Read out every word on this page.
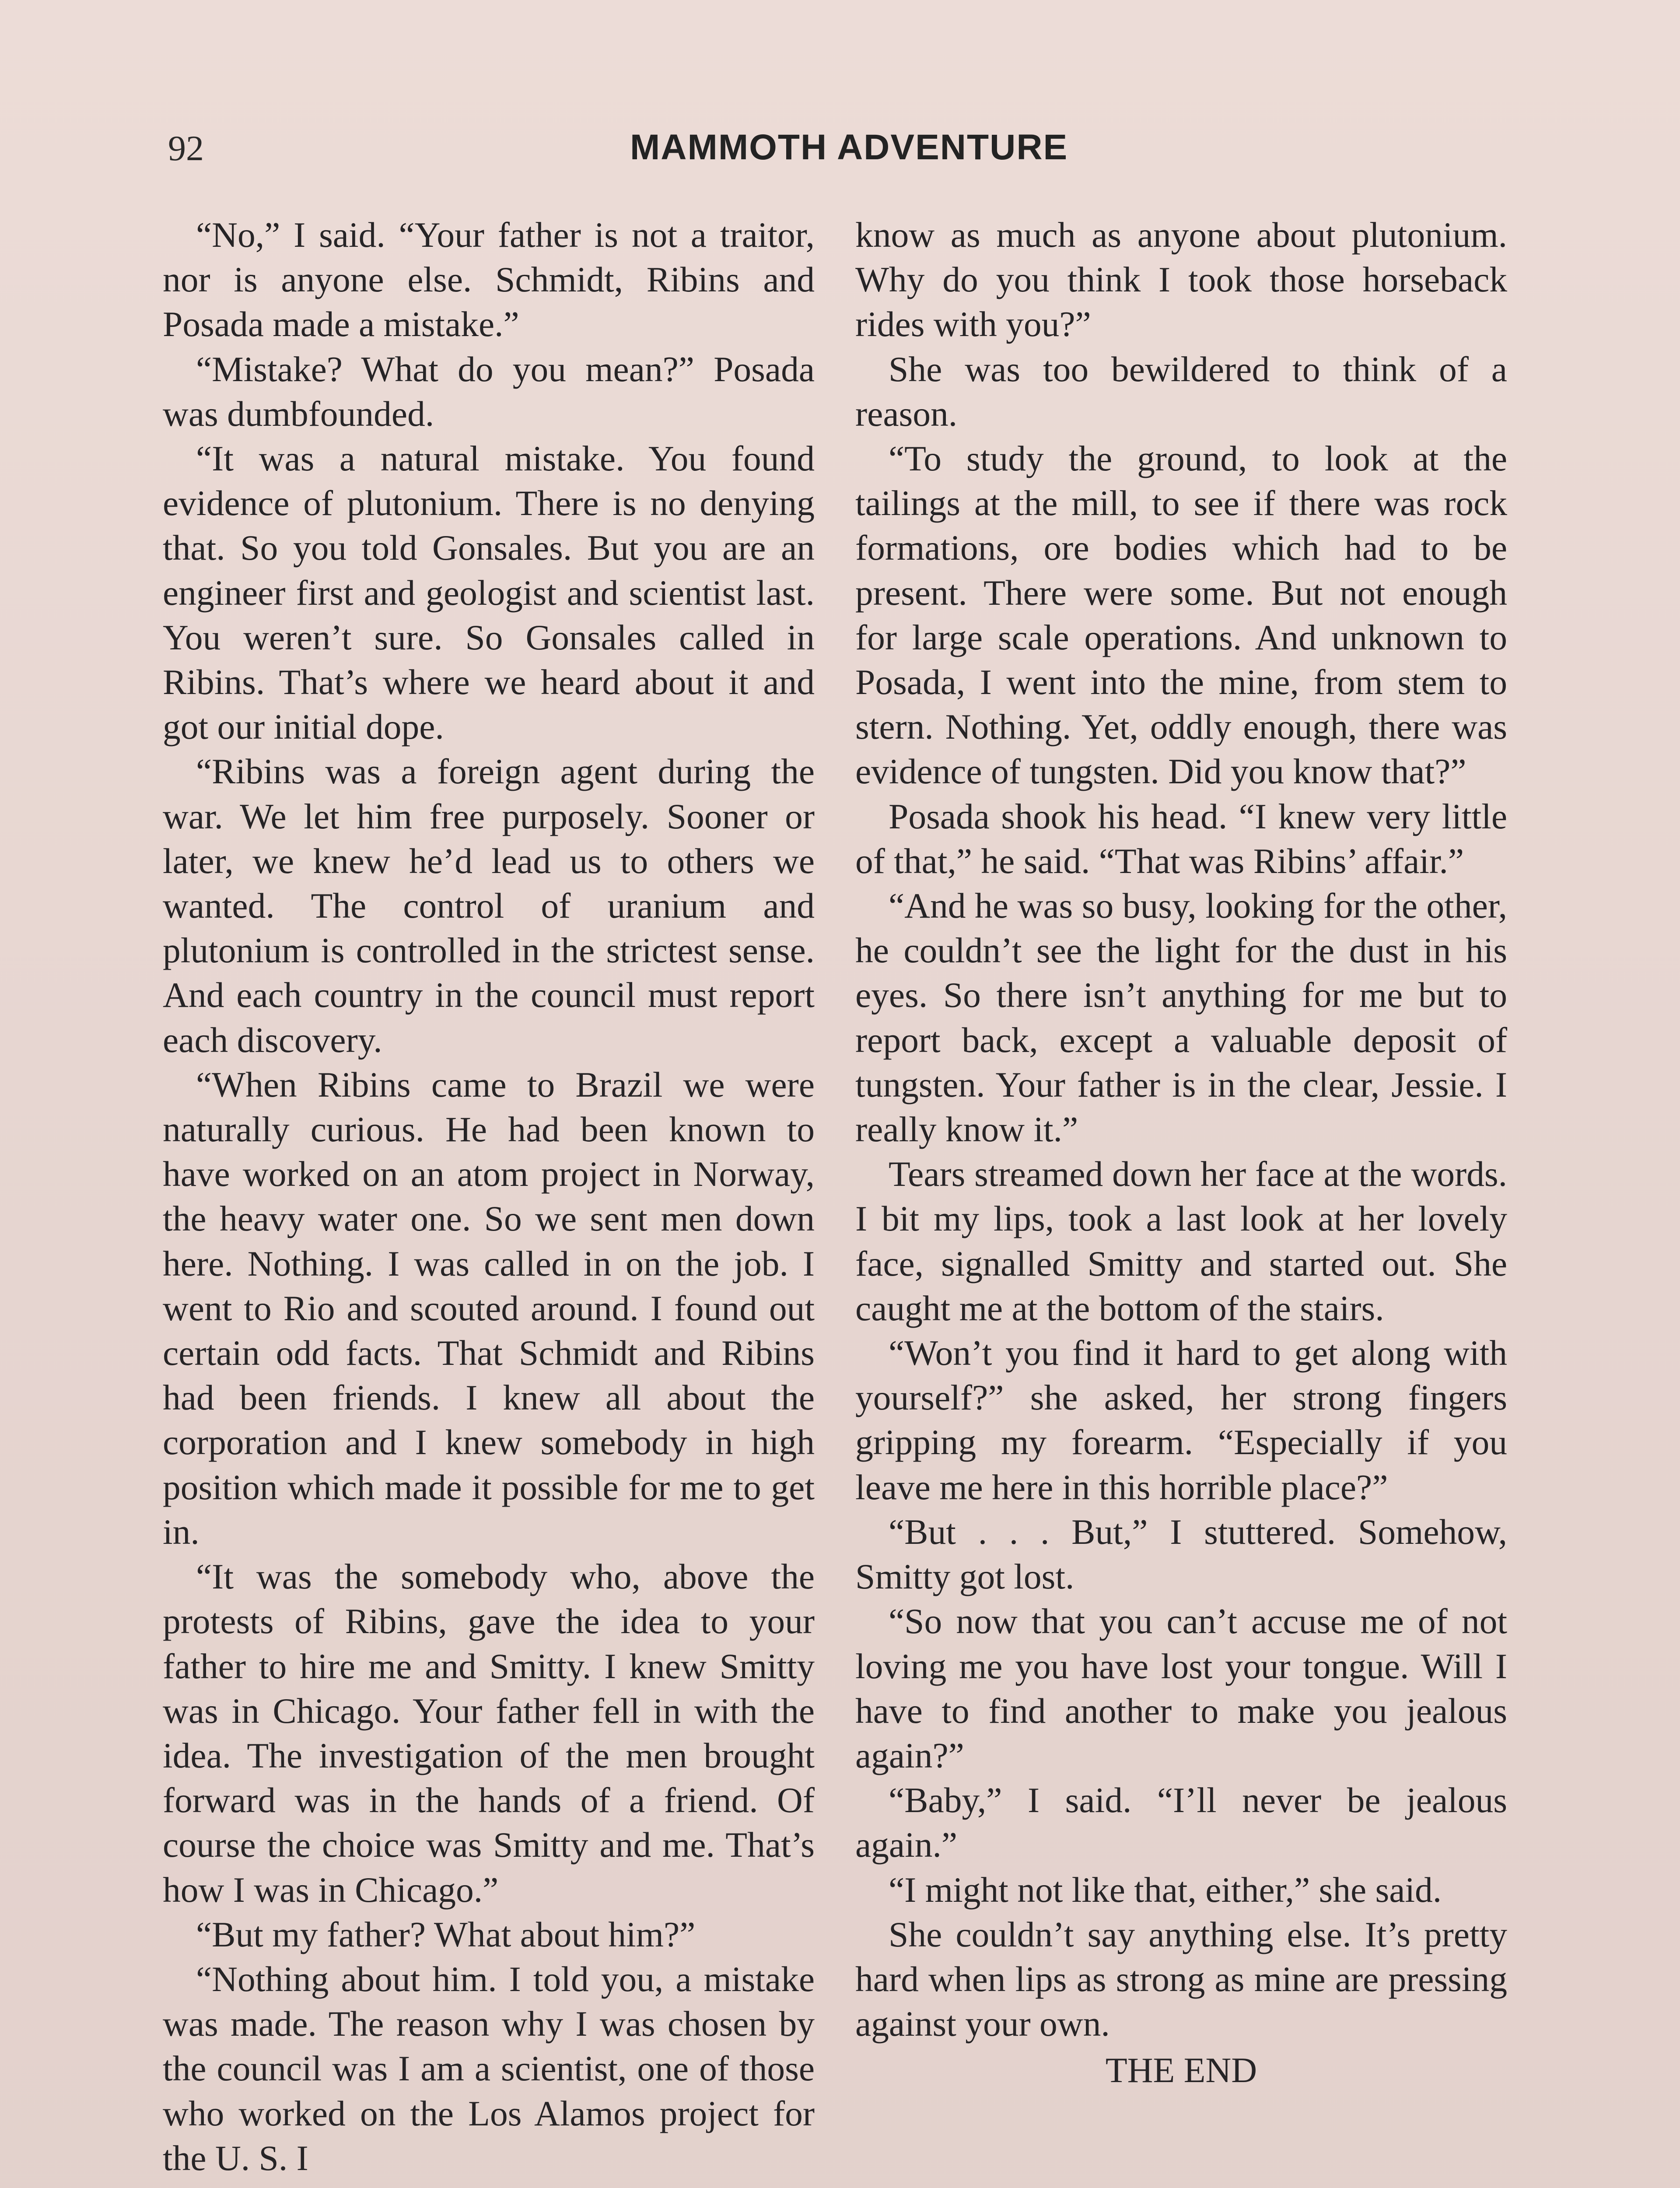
92	MAMMOTH ADVENTURE

“No,” I said. “Your father is not a traitor, nor is anyone else. Schmidt, Ribins and Posada made a mistake.”

“Mistake? What do you mean?” Posada was dumbfounded.

“It was a natural mistake. You found evidence of plutonium. There is no denying that. So you told Gonsales. But you are an engineer first and geologist and scientist last. You weren’t sure. So Gonsales called in Ribins. That’s where we heard about it and got our initial dope.

“Ribins was a foreign agent during the war. We let him free purposely. Sooner or later, we knew he’d lead us to others we wanted. The control of uranium and plutonium is controlled in the strictest sense. And each country in the council must report each discovery.

“When Ribins came to Brazil we were naturally curious. He had been known to have worked on an atom project in Norway, the heavy water one. So we sent men down here. Nothing. I was called in on the job. I went to Rio and scouted around. I found out certain odd facts. That Schmidt and Ribins had been friends. I knew all about the corporation and I knew somebody in high position which made it possible for me to get in.

“It was the somebody who, above the protests of Ribins, gave the idea to your father to hire me and Smitty. I knew Smitty was in Chicago. Your father fell in with the idea. The investigation of the men brought forward was in the hands of a friend. Of course the choice was Smitty and me. That’s how I was in Chicago.”

“But my father? What about him?”

“Nothing about him. I told you, a mistake was made. The reason why I was chosen by the council was I am a scientist, one of those who worked on the Los Alamos project for the U. S. I

know as much as anyone about plutonium. Why do you think I took those horseback rides with you?”

She was too bewildered to think of a reason.

“To study the ground, to look at the tailings at the mill, to see if there was rock formations, ore bodies which had to be present. There were some. But not enough for large scale operations. And unknown to Posada, I went into the mine, from stem to stern. Nothing. Yet, oddly enough, there was evidence of tungsten. Did you know that?”

Posada shook his head. “I knew very little of that,” he said. “That was Ribins’ affair.”

“And he was so busy, looking for the other, he couldn’t see the light for the dust in his eyes. So there isn’t anything for me but to report back, except a valuable deposit of tungsten. Your father is in the clear, Jessie. I really know it.”

Tears streamed down her face at the words. I bit my lips, took a last look at her lovely face, signalled Smitty and started out. She caught me at the bottom of the stairs.

“Won’t you find it hard to get along with yourself?” she asked, her strong fingers gripping my forearm. “Especially if you leave me here in this horrible place?”

“But . . . But,” I stuttered. Somehow, Smitty got lost.

“So now that you can’t accuse me of not loving me you have lost your tongue. Will I have to find another to make you jealous again?”

“Baby,” I said. “I’ll never be jealous again.”

“I might not like that, either,” she said.

She couldn’t say anything else. It’s pretty hard when lips as strong as mine are pressing against your own.

THE END
